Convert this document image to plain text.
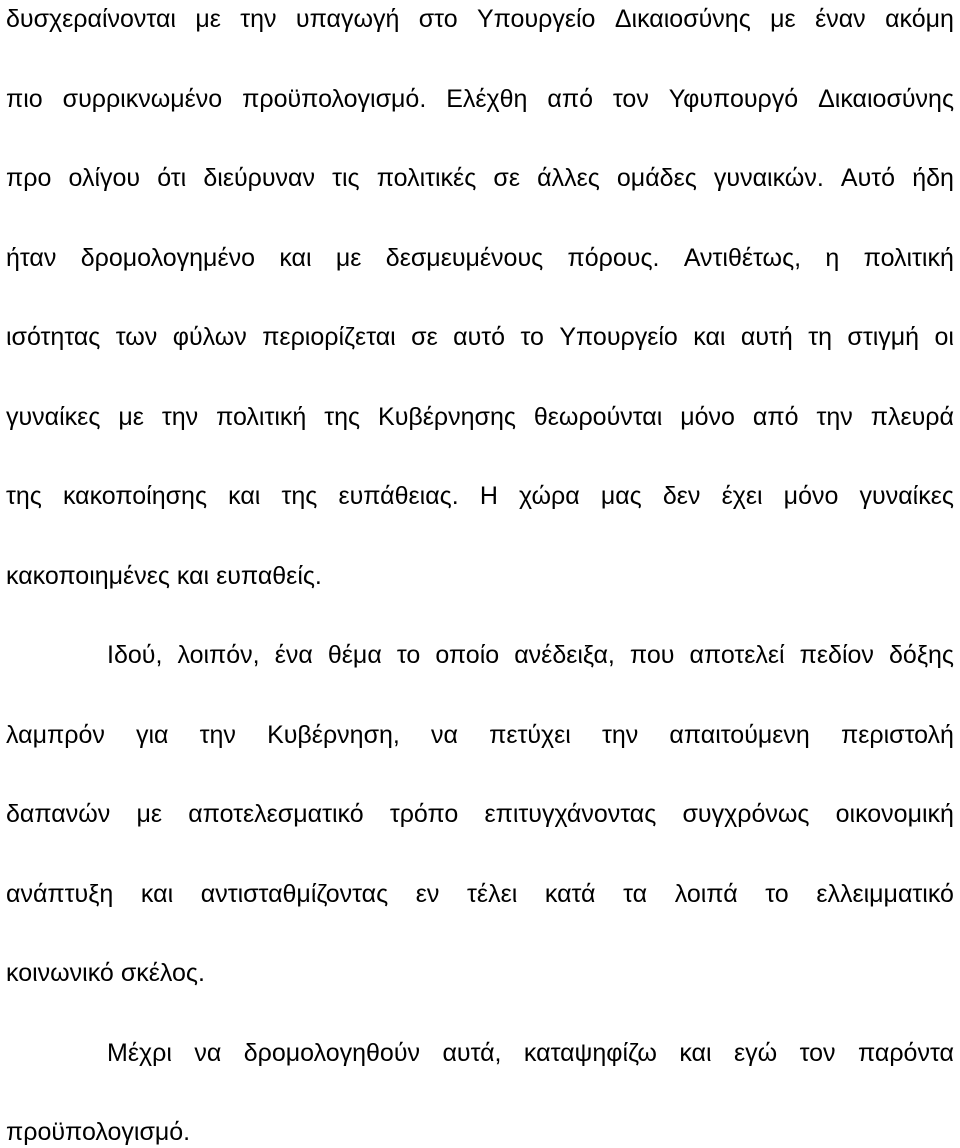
δυσχεραίνονται με την υπαγωγή στο Υπουργείο Δικαιοσύνης με έναν ακόμη
πιο συρρικνωμένο προϋπολογισμό. Ελέχθη από τον Υφυπουργό Δικαιοσύνης
προ ολίγου ότι διεύρυναν τις πολιτικές σε άλλες ομάδες γυναικών. Αυτό ήδη
ήταν δρομολογημένο και με δεσμευμένους πόρους. Αντιθέτως, η πολιτική
ισότητας των φύλων περιορίζεται σε αυτό το Υπουργείο και αυτή τη στιγμή οι
γυναίκες με την πολιτική της Κυβέρνησης θεωρούνται μόνο από την πλευρά
της κακοποίησης και της ευπάθειας. Η χώρα μας δεν έχει μόνο γυναίκες
κακοποιημένες και ευπαθείς.
Ιδού, λοιπόν, ένα θέμα το οποίο ανέδειξα, που αποτελεί πεδίον δόξης
λαμπρόν για την Κυβέρνηση, να πετύχει την απαιτούμενη περιστολή
δαπανών με αποτελεσματικό τρόπο επιτυγχάνοντας συγχρόνως οικονομική
ανάπτυξη και αντισταθμίζοντας εν τέλει κατά τα λοιπά το ελλειμματικό
κοινωνικό σκέλος.
Μέχρι να δρομολογηθούν αυτά, καταψηφίζω και εγώ τον παρόντα
προϋπολογισμό.
